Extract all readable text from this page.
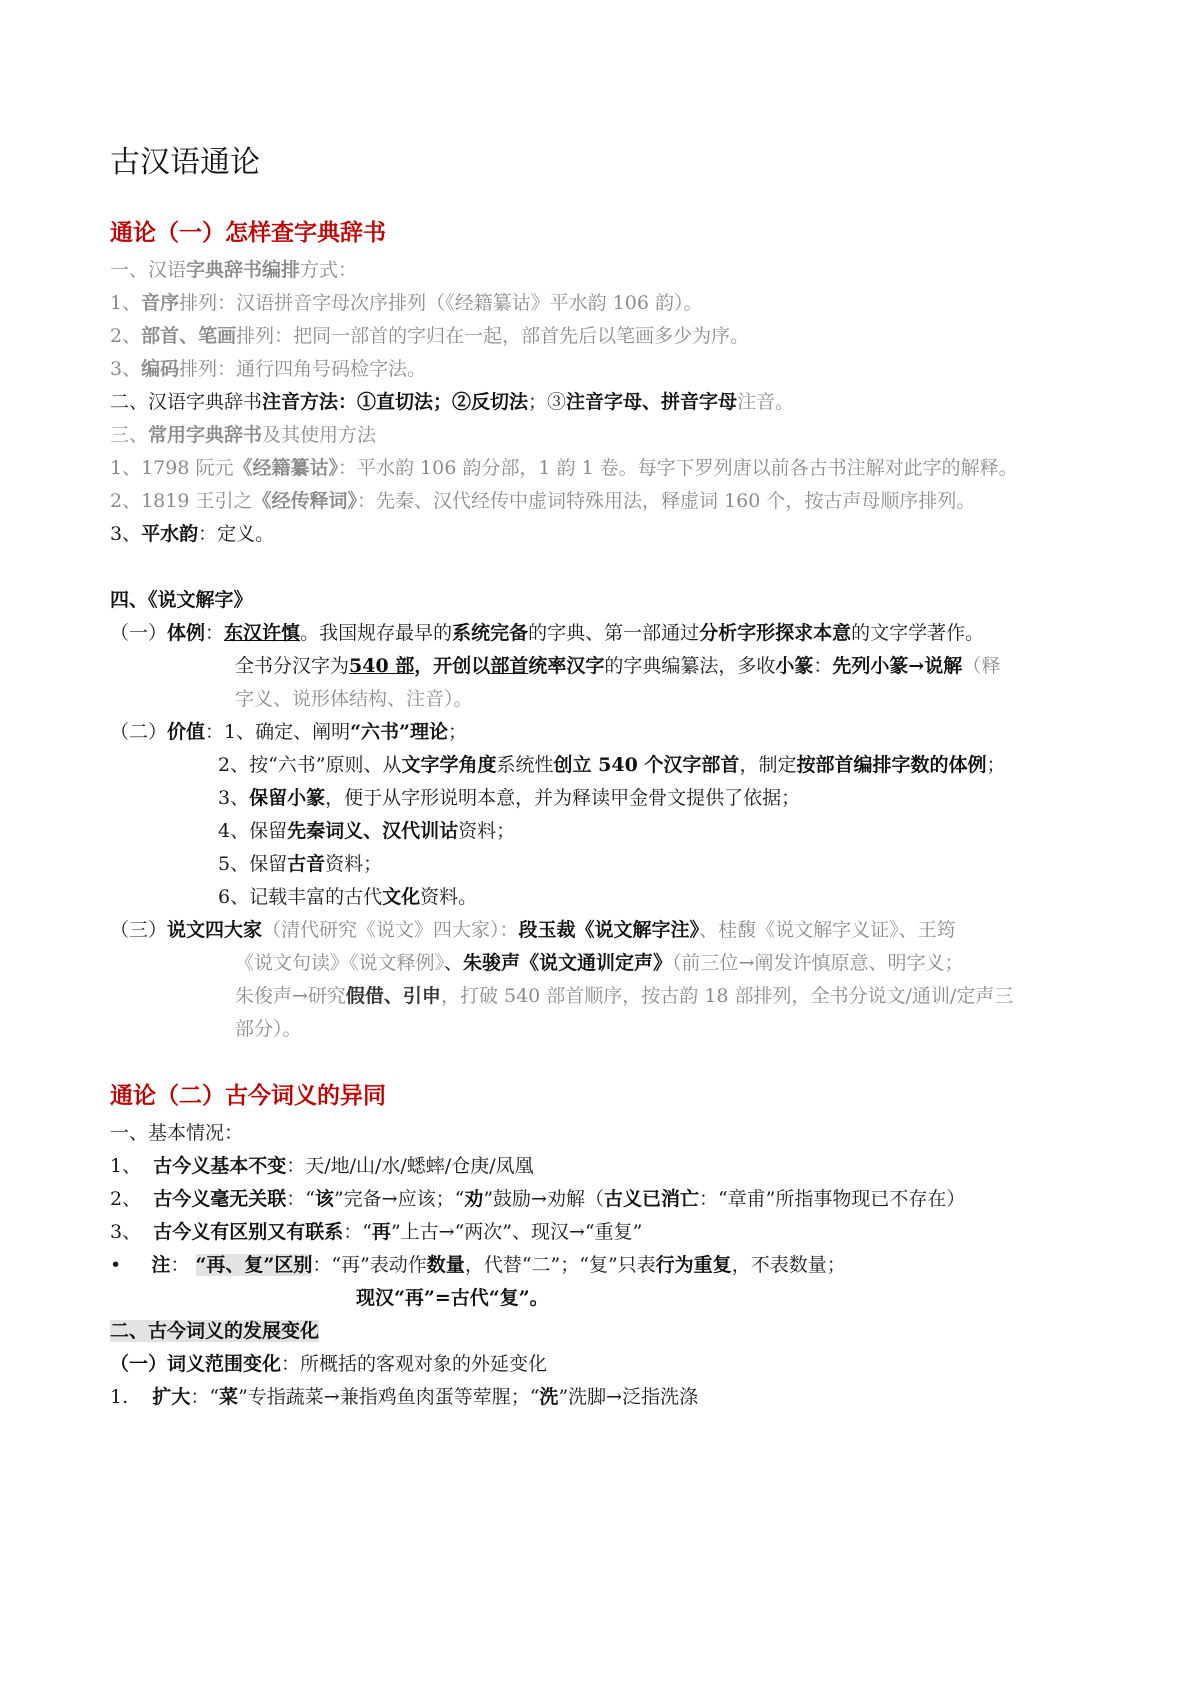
古汉语通论
通论（一）怎样查字典辞书
一、汉语字典辞书编排方式：
1、音序排列：汉语拼音字母次序排列（《经籍纂诂》平水韵 106 韵）。
2、部首、笔画排列：把同一部首的字归在一起，部首先后以笔画多少为序。
3、编码排列：通行四角号码检字法。
二、汉语字典辞书注音方法：①直切法；②反切法；③注音字母、拼音字母注音。
三、常用字典辞书及其使用方法
1、1798 阮元《经籍纂诂》：平水韵 106 韵分部，1 韵 1 卷。每字下罗列唐以前各古书注解对此字的解释。
2、1819 王引之《经传释词》：先秦、汉代经传中虚词特殊用法，释虚词 160 个，按古声母顺序排列。
3、平水韵：定义。
四、《说文解字》
（一）体例：东汉许慎。我国规存最早的系统完备的字典、第一部通过分析字形探求本意的文字学著作。
全书分汉字为540 部，开创以部首统率汉字的字典编纂法，多收小篆：先列小篆→说解（释
字义、说形体结构、注音）。
（二）价值：1、确定、阐明“六书”理论；
2、按“六书”原则、从文字学角度系统性创立 540 个汉字部首，制定按部首编排字数的体例；
3、保留小篆，便于从字形说明本意，并为释读甲金骨文提供了依据；
4、保留先秦词义、汉代训诂资料；
5、保留古音资料；
6、记载丰富的古代文化资料。
（三）说文四大家（清代研究《说文》四大家）：段玉裁《说文解字注》、桂馥《说文解字义证》、王筠
《说文句读》《说文释例》、朱骏声《说文通训定声》（前三位→阐发许慎原意、明字义；
朱俊声→研究假借、引申，打破 540 部首顺序，按古韵 18 部排列，全书分说文/通训/定声三
部分）。
通论（二）古今词义的异同
一、基本情况：
1、 古今义基本不变：天/地/山/水/蟋蟀/仓庚/凤凰
2、 古今义毫无关联：“该”完备→应该；“劝”鼓励→劝解（古义已消亡：“章甫”所指事物现已不存在）
3、 古今义有区别又有联系：“再”上古→“两次”、现汉→“重复”
• 注： “再、复”区别：“再”表动作数量，代替“二”；“复”只表行为重复，不表数量；
现汉“再”=古代“复”。
二、古今词义的发展变化
（一）词义范围变化：所概括的客观对象的外延变化
1. 扩大：“菜”专指蔬菜→兼指鸡鱼肉蛋等荤腥；“洗”洗脚→泛指洗涤
